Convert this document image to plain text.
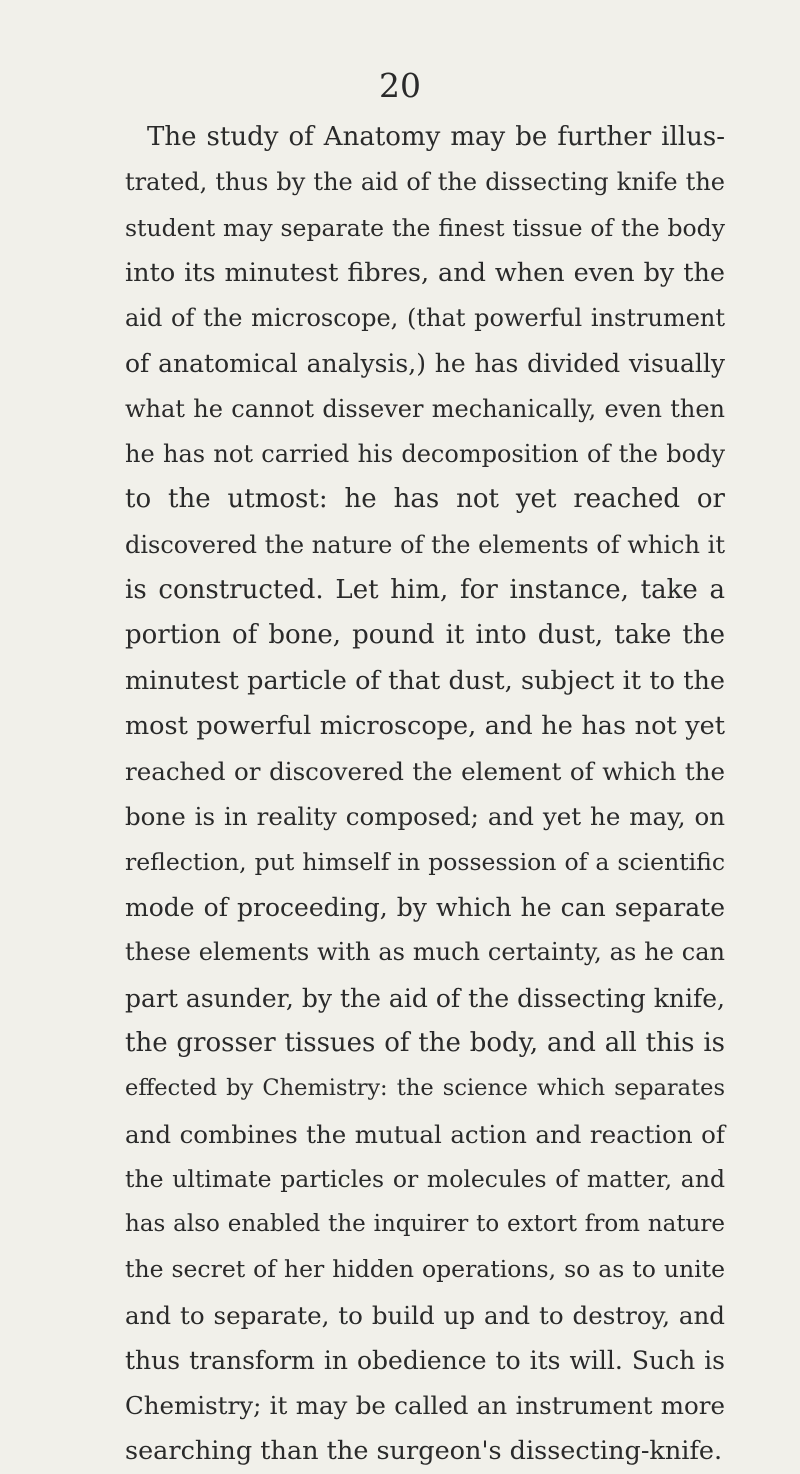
20
The study of Anatomy may be further illus-
trated, thus by the aid of the dissecting knife the
student may separate the finest tissue of the body
into its minutest fibres, and when even by the
aid of the microscope, (that powerful instrument
of anatomical analysis,) he has divided visually
what he cannot dissever mechanically, even then
he has not carried his decomposition of the body
to the utmost: he has not yet reached or
discovered the nature of the elements of which it
is constructed. Let him, for instance, take a
portion of bone, pound it into dust, take the
minutest particle of that dust, subject it to the
most powerful microscope, and he has not yet
reached or discovered the element of which the
bone is in reality composed; and yet he may, on
reflection, put himself in possession of a scientific
mode of proceeding, by which he can separate
these elements with as much certainty, as he can
part asunder, by the aid of the dissecting knife,
the grosser tissues of the body, and all this is
effected by Chemistry: the science which separates
and combines the mutual action and reaction of
the ultimate particles or molecules of matter, and
has also enabled the inquirer to extort from nature
the secret of her hidden operations, so as to unite
and to separate, to build up and to destroy, and
thus transform in obedience to its will. Such is
Chemistry; it may be called an instrument more
searching than the surgeon's dissecting-knife.
